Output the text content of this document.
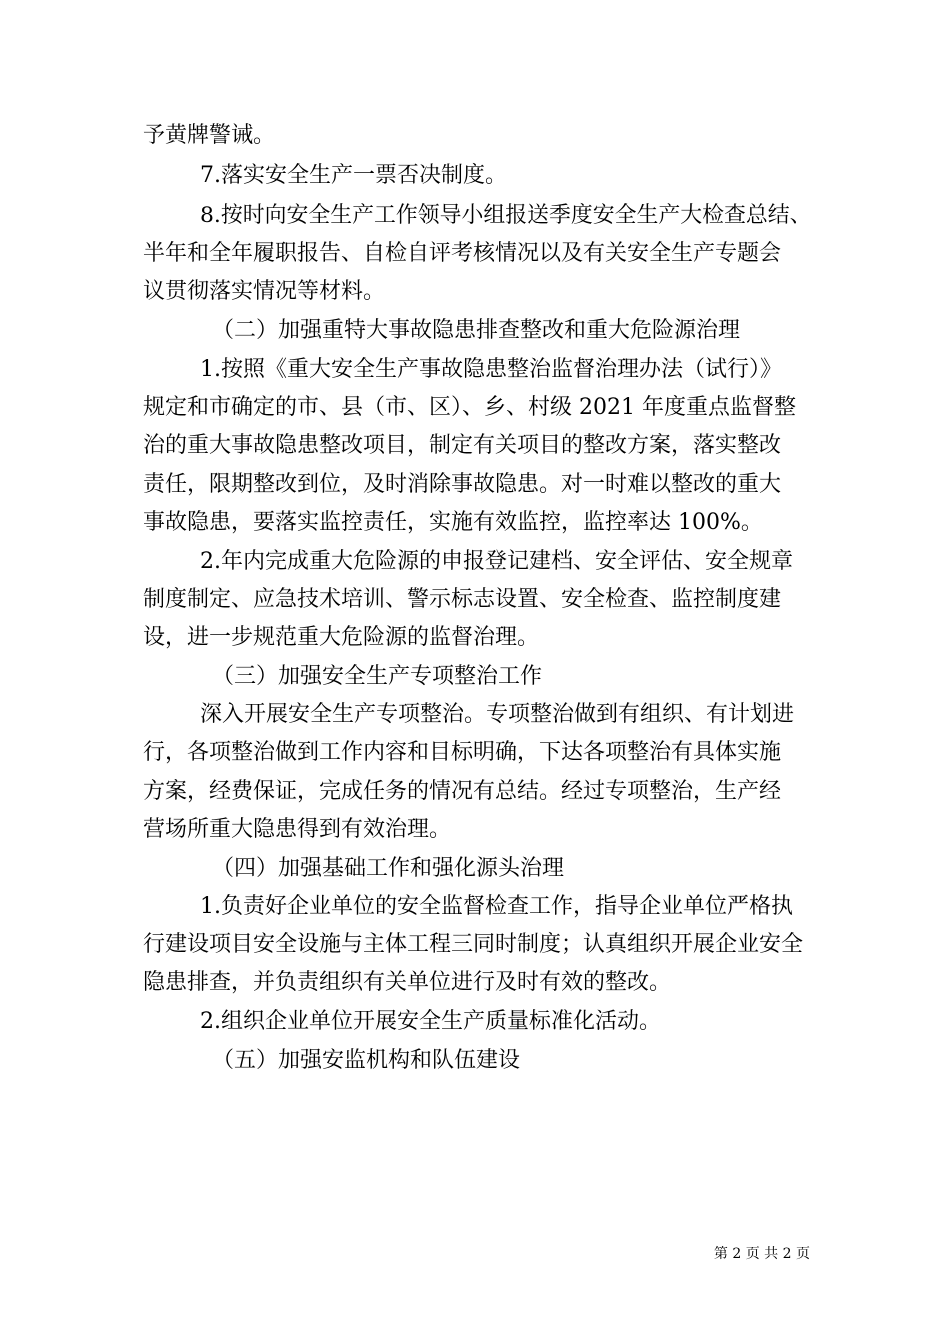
予黄牌警诫。
7.落实安全生产一票否决制度。
8.按时向安全生产工作领导小组报送季度安全生产大检查总结、
半年和全年履职报告、自检自评考核情况以及有关安全生产专题会
议贯彻落实情况等材料。
（二）加强重特大事故隐患排查整改和重大危险源治理
1.按照《重大安全生产事故隐患整治监督治理办法（试行）》
规定和市确定的市、县（市、区）、乡、村级 2021 年度重点监督整
治的重大事故隐患整改项目，制定有关项目的整改方案，落实整改
责任，限期整改到位，及时消除事故隐患。对一时难以整改的重大
事故隐患，要落实监控责任，实施有效监控，监控率达 100%。
2.年内完成重大危险源的申报登记建档、安全评估、安全规章
制度制定、应急技术培训、警示标志设置、安全检查、监控制度建
设，进一步规范重大危险源的监督治理。
（三）加强安全生产专项整治工作
深入开展安全生产专项整治。专项整治做到有组织、有计划进
行，各项整治做到工作内容和目标明确，下达各项整治有具体实施
方案，经费保证，完成任务的情况有总结。经过专项整治，生产经
营场所重大隐患得到有效治理。
（四）加强基础工作和强化源头治理
1.负责好企业单位的安全监督检查工作，指导企业单位严格执
行建设项目安全设施与主体工程三同时制度；认真组织开展企业安全
隐患排查，并负责组织有关单位进行及时有效的整改。
2.组织企业单位开展安全生产质量标准化活动。
（五）加强安监机构和队伍建设
第 2 页 共 2 页
